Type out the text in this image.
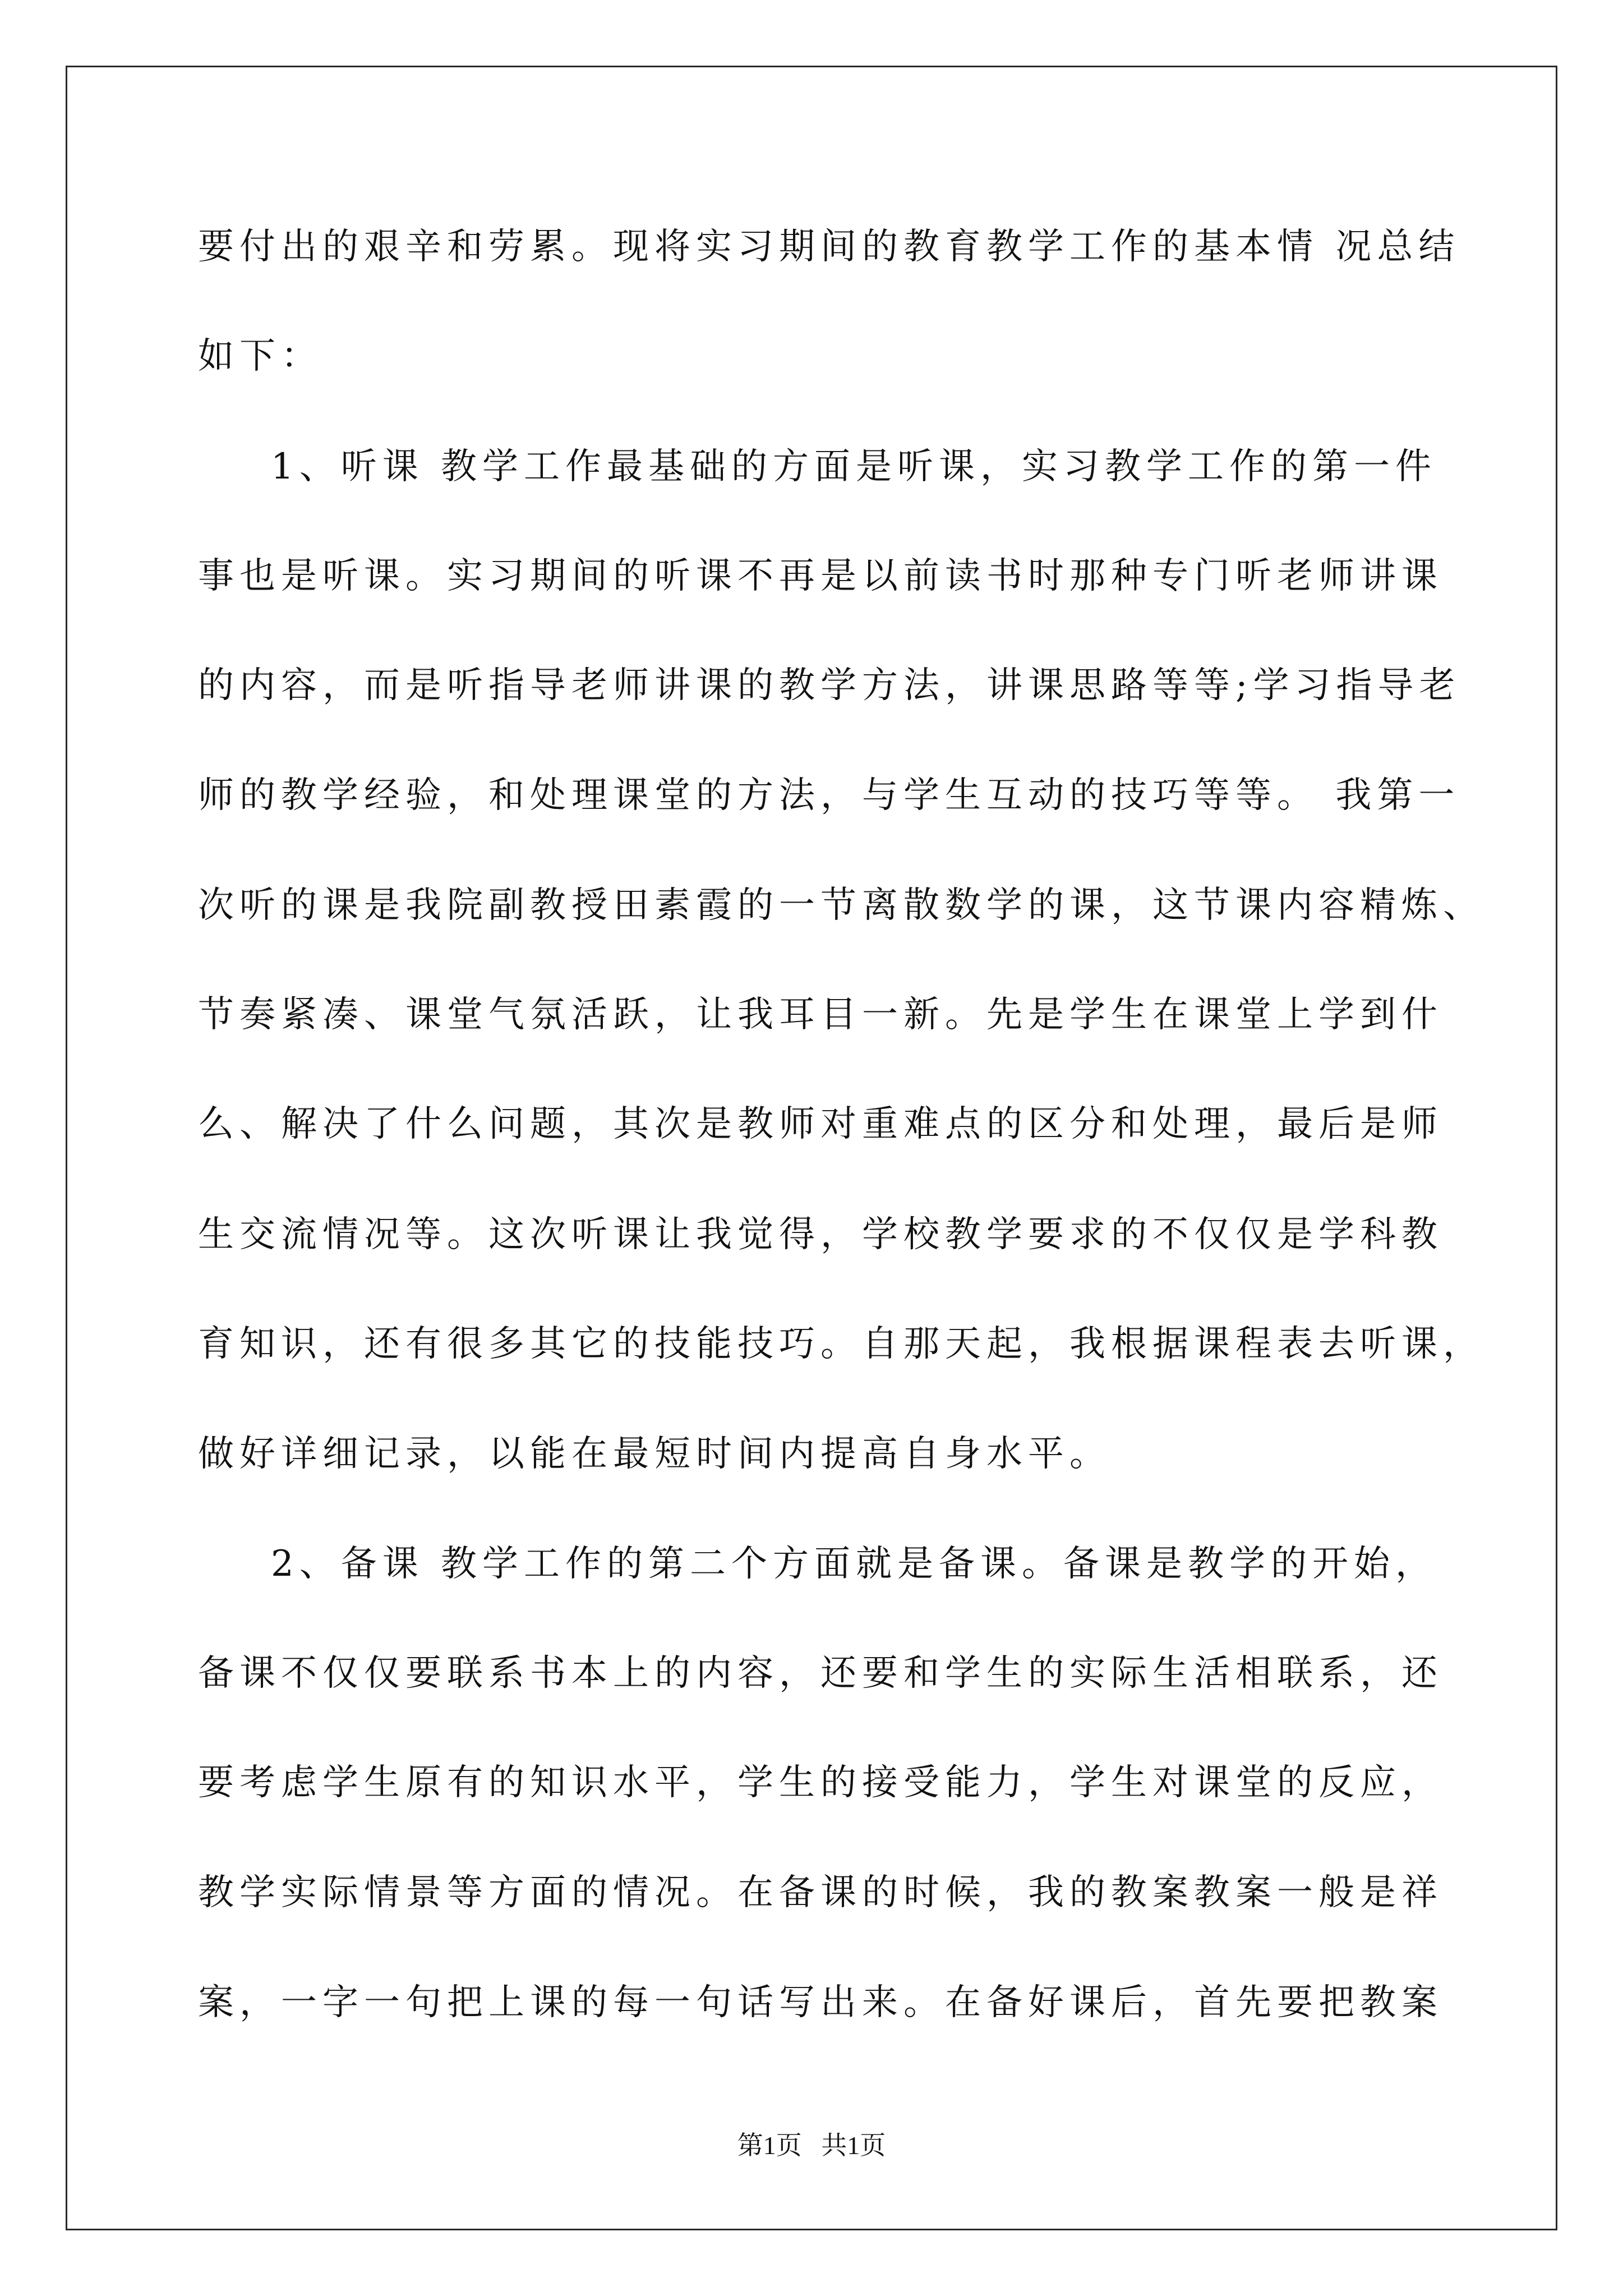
要付出的艰辛和劳累。现将实习期间的教育教学工作的基本情 况总结
如下：
1、听课 教学工作最基础的方面是听课，实习教学工作的第一件
事也是听课。实习期间的听课不再是以前读书时那种专门听老师讲课
的内容，而是听指导老师讲课的教学方法，讲课思路等等;学习指导老
师的教学经验，和处理课堂的方法，与学生互动的技巧等等。 我第一
次听的课是我院副教授田素霞的一节离散数学的课，这节课内容精炼、
节奏紧凑、课堂气氛活跃，让我耳目一新。先是学生在课堂上学到什
么、解决了什么问题，其次是教师对重难点的区分和处理，最后是师
生交流情况等。这次听课让我觉得，学校教学要求的不仅仅是学科教
育知识，还有很多其它的技能技巧。自那天起，我根据课程表去听课，
做好详细记录，以能在最短时间内提高自身水平。
2、备课 教学工作的第二个方面就是备课。备课是教学的开始，
备课不仅仅要联系书本上的内容，还要和学生的实际生活相联系，还
要考虑学生原有的知识水平，学生的接受能力，学生对课堂的反应，
教学实际情景等方面的情况。在备课的时候，我的教案教案一般是祥
案，一字一句把上课的每一句话写出来。在备好课后，首先要把教案
第1页   共1页
